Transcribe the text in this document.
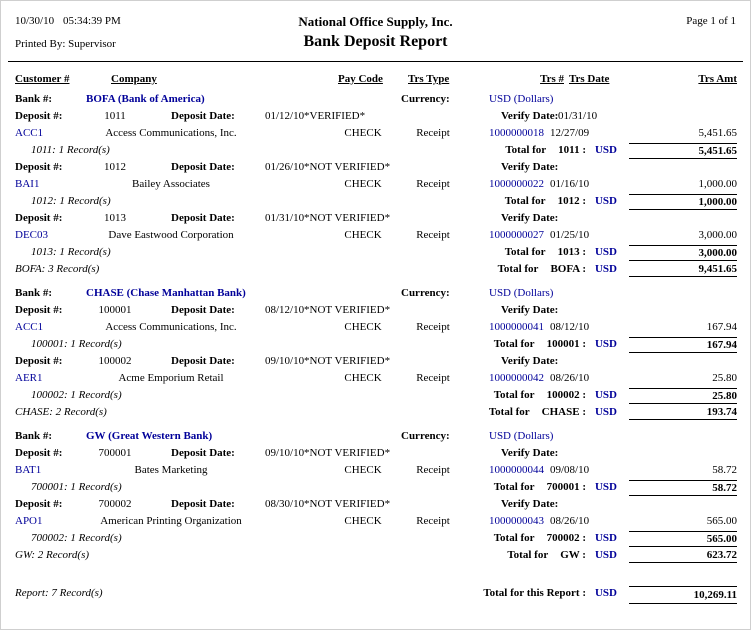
10/30/10 05:34:39 PM	National Office Supply, Inc.	Page 1 of 1
Printed By: Supervisor	Bank Deposit Report
Customer #	Company	Pay Code Trs Type	Trs # Trs Date	Trs Amt
Bank #:	BOFA (Bank of America)	Currency:	USD (Dollars)
Deposit #:	1011	Deposit Date:	01/12/10 *VERIFIED*	Verify Date: 01/31/10
ACC1	Access Communications, Inc.	CHECK	Receipt	1000000018 12/27/09	5,451.65
1011: 1 Record(s)	Total for 1011 : USD	5,451.65
Deposit #:	1012	Deposit Date:	01/26/10 *NOT VERIFIED*	Verify Date:
BAI1	Bailey Associates	CHECK	Receipt	1000000022 01/16/10	1,000.00
1012: 1 Record(s)	Total for 1012 : USD	1,000.00
Deposit #:	1013	Deposit Date:	01/31/10 *NOT VERIFIED*	Verify Date:
DEC03	Dave Eastwood Corporation	CHECK	Receipt	1000000027 01/25/10	3,000.00
1013: 1 Record(s)	Total for 1013 : USD	3,000.00
BOFA: 3 Record(s)	Total for BOFA : USD	9,451.65
Bank #:	CHASE (Chase Manhattan Bank)	Currency:	USD (Dollars)
Deposit #:	100001	Deposit Date:	08/12/10 *NOT VERIFIED*	Verify Date:
ACC1	Access Communications, Inc.	CHECK	Receipt	1000000041 08/12/10	167.94
100001: 1 Record(s)	Total for 100001 : USD	167.94
Deposit #:	100002	Deposit Date:	09/10/10 *NOT VERIFIED*	Verify Date:
AER1	Acme Emporium Retail	CHECK	Receipt	1000000042 08/26/10	25.80
100002: 1 Record(s)	Total for 100002 : USD	25.80
CHASE: 2 Record(s)	Total for CHASE : USD	193.74
Bank #:	GW (Great Western Bank)	Currency:	USD (Dollars)
Deposit #:	700001	Deposit Date:	09/10/10 *NOT VERIFIED*	Verify Date:
BAT1	Bates Marketing	CHECK	Receipt	1000000044 09/08/10	58.72
700001: 1 Record(s)	Total for 700001 : USD	58.72
Deposit #:	700002	Deposit Date:	08/30/10 *NOT VERIFIED*	Verify Date:
APO1	American Printing Organization	CHECK	Receipt	1000000043 08/26/10	565.00
700002: 1 Record(s)	Total for 700002 : USD	565.00
GW: 2 Record(s)	Total for GW : USD	623.72
Report: 7 Record(s)	Total for this Report : USD	10,269.11
